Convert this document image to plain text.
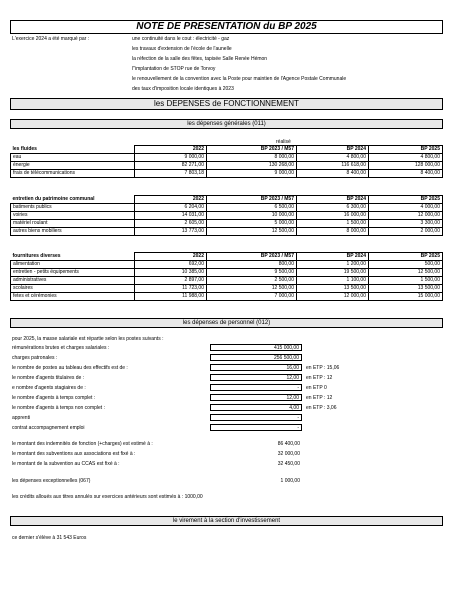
NOTE DE PRESENTATION du BP 2025
L'exercice 2024 a été marqué par :	une continuité dans le cout : électricité - gaz
les travaux d'extension de l'école de l'aunelle
la réfection de la salle des fêtes, tapisée Salle Renée Hémon
l''implantation de STOP rue de Torvoy
le renouvellement de la convention avec la Poste pour maintien de l'Agence Postale Communale
des taux d'imposition locale identiques à 2023
les DEPENSES de FONCTIONNEMENT
les dépenses générales (011)
réalisé
les fluides	2022	BP 2023 / M57	BP 2024	BP 2025
eau	9 000,00	8 000,00	4 800,00	4 800,00
énergie	82 271,00	130 268,00	116 618,00	128 000,00
frais de télécommunications	7 803,18	9 000,00	8 400,00	8 400,00
entretien du patrimoine communal	2022	BP 2023 / M57	BP 2024	BP 2025
batiments publics	6 204,00	6 500,00	6 300,00	4 000,00
voiries	14 031,00	10 000,00	16 000,00	12 000,00
matériel roulant	2 605,00	5 000,00	1 500,00	3 300,00
autres biens mobiliers	13 773,00	12 500,00	8 000,00	2 000,00
fournitures diverses	2022	BP 2023 / M57	BP 2024	BP 2025
alimentation	692,00	800,00	1 200,00	500,00
entretien - petits équipements	10 385,00	9 500,00	19 500,00	12 500,00
administratives	2 897,00	2 500,00	1 100,00	1 500,00
scolaires	11 723,00	12 500,00	13 500,00	13 500,00
fetes et cérémonies	11 988,00	7 000,00	12 000,00	15 000,00
les dépenses de personnel (012)
pour 2025, la masse salariale est répartie selon les postes suivants :
rémunérations brutes et charges salariales :	415 000,00
charges patronales :	256 500,00
le nombre de postes au tableau des effectifs est de :	16,00	en ETP : 15,06
le nombre d'agents titulaires de :	12,00	en ETP : 12
e nombre d'agents stagiaires de :	-	en ETP 0
le nombre d'agents à temps complet :	12,00	en ETP : 12
le nombre d'agents à temps non complet :	4,00	en ETP : 3,06
apprenti	-
contrat accompagnement emploi	-
le montant des indemnités de fonction (+charges) est estimé à :	86 400,00
le montant des subventions aux associations est fixé à :	32 000,00
le montant de la subvention au CCAS est fixé à :	32 450,00
les dépenses exceptionnelles (067)	1 000,00
les crédits alloués aux titres annulés sur exercices antérieurs sont estimés à : 1000,00
le virement à la section d'investissement
ce dernier s'élève à 31 543 Euros
